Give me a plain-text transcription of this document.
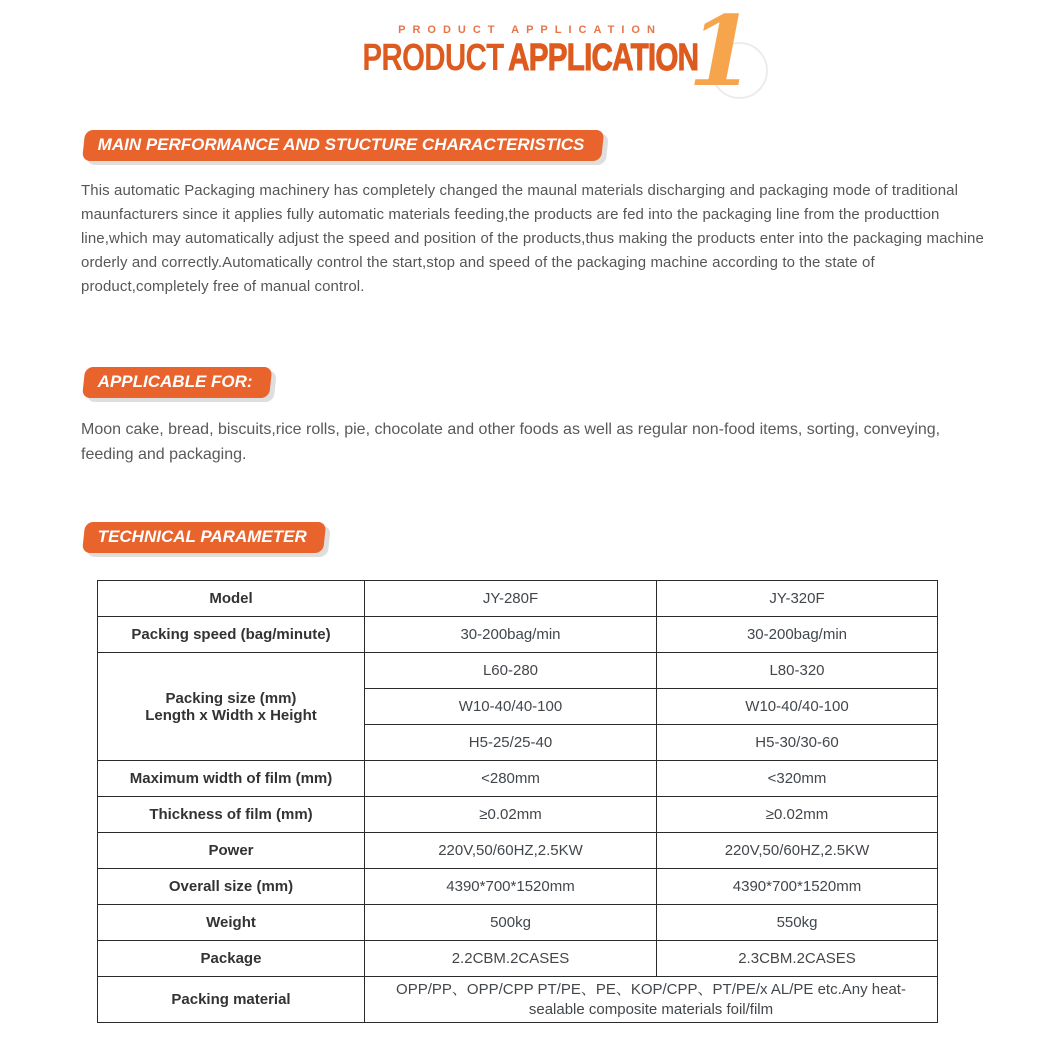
PRODUCT APPLICATION
PRODUCT APPLICATION
1
MAIN PERFORMANCE AND STUCTURE CHARACTERISTICS
This automatic Packaging machinery has completely changed the maunal materials discharging and packaging mode of traditional maunfacturers since it applies fully automatic materials feeding,the products are fed into the packaging line from the producttion line,which may automatically adjust the speed and position of the products,thus making the products enter into the packaging machine orderly and correctly.Automatically control the start,stop and speed of the packaging machine according to the state of product,completely free of manual control.
APPLICABLE FOR:
Moon cake, bread, biscuits,rice rolls, pie, chocolate and other foods as well as regular non-food items, sorting, conveying, feeding and packaging.
TECHNICAL PARAMETER
Model	JY-280F	JY-320F
Packing speed (bag/minute)	30-200bag/min	30-200bag/min

Packing size (mm)
Length x Width x Height	L60-280	L80-320
	W10-40/40-100	W10-40/40-100
	H5-25/25-40	H5-30/30-60
Maximum width of film (mm)	<280mm	<320mm
Thickness of film (mm)	≥0.02mm	≥0.02mm
Power	220V,50/60HZ,2.5KW	220V,50/60HZ,2.5KW
Overall size (mm)	4390*700*1520mm	4390*700*1520mm
Weight	500kg	550kg
Package	2.2CBM.2CASES	2.3CBM.2CASES
Packing material	OPP/PP、OPP/CPP PT/PE、PE、KOP/CPP、PT/PE/x AL/PE etc.Any heat-sealable composite materials foil/film	
